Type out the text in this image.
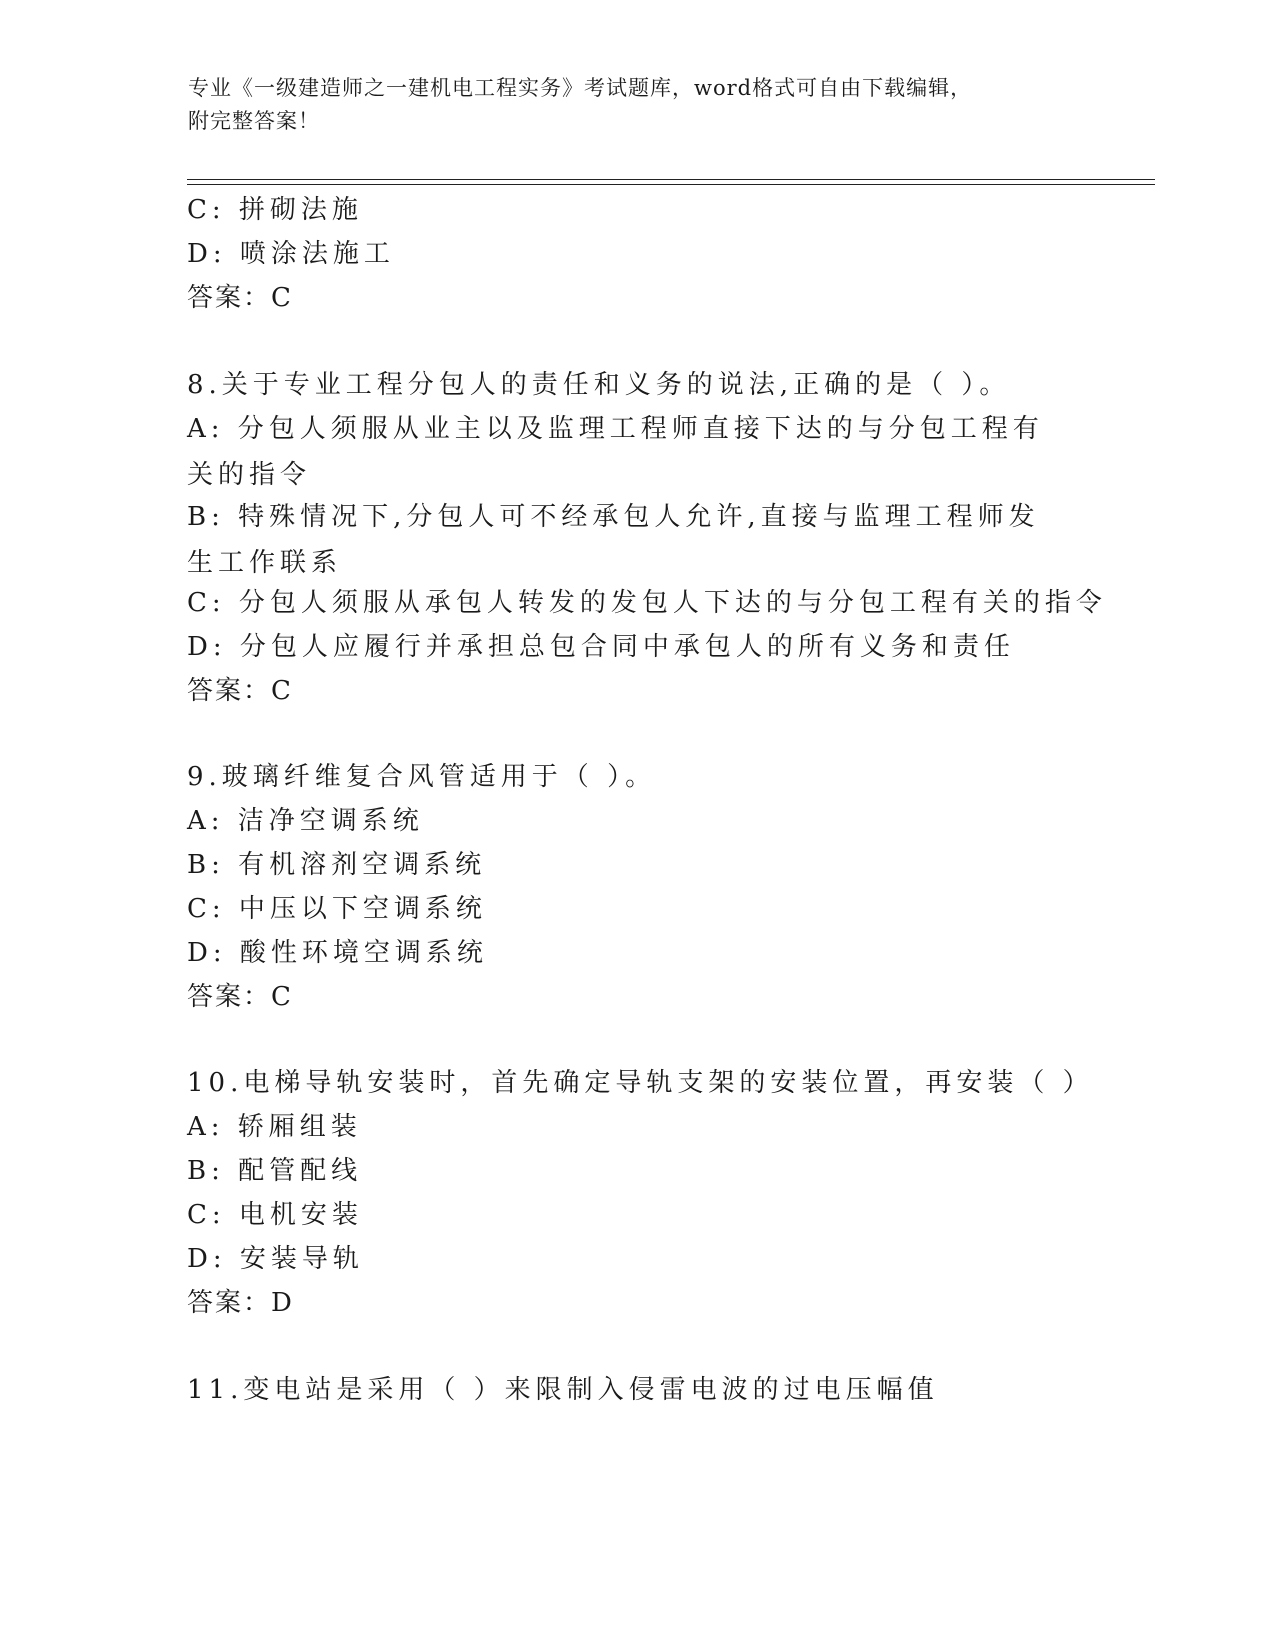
专业《一级建造师之一建机电工程实务》考试题库，word格式可自由下载编辑，
附完整答案！
C: 拼砌法施
D: 喷涂法施工
答案：C
8.关于专业工程分包人的责任和义务的说法,正确的是（ ）。
A: 分包人须服从业主以及监理工程师直接下达的与分包工程有关的指令
B: 特殊情况下,分包人可不经承包人允许,直接与监理工程师发生工作联系
C: 分包人须服从承包人转发的发包人下达的与分包工程有关的指令
D: 分包人应履行并承担总包合同中承包人的所有义务和责任
答案：C
9.玻璃纤维复合风管适用于（ ）。
A: 洁净空调系统
B: 有机溶剂空调系统
C: 中压以下空调系统
D: 酸性环境空调系统
答案：C
10.电梯导轨安装时，首先确定导轨支架的安装位置，再安装（ ）
A: 轿厢组装
B: 配管配线
C: 电机安装
D: 安装导轨
答案：D
11.变电站是采用（ ）来限制入侵雷电波的过电压幅值
